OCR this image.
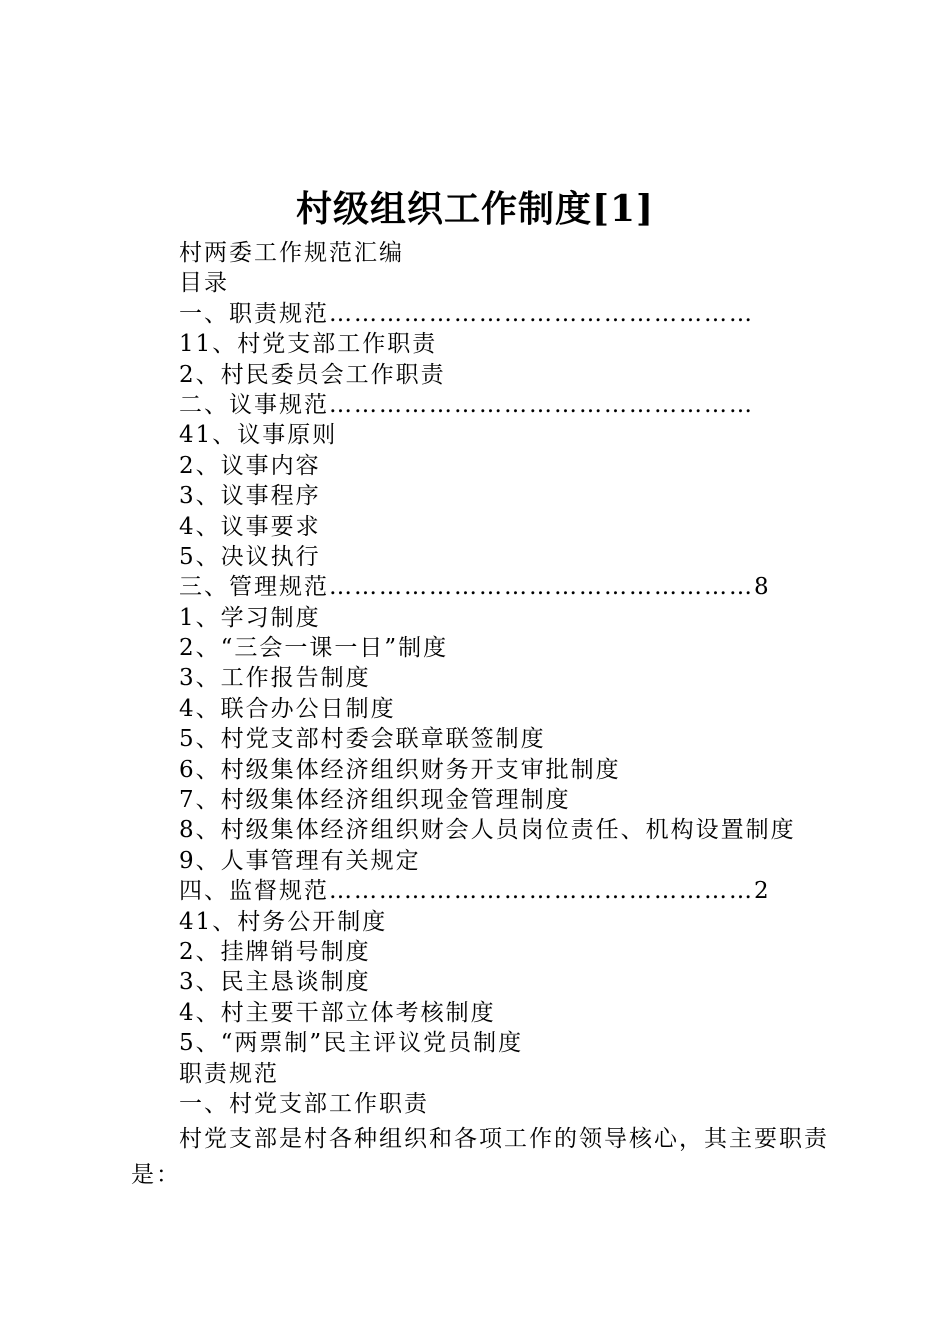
村级组织工作制度[1]
村两委工作规范汇编
目录
一、职责规范……………………………………………
11、村党支部工作职责
2、村民委员会工作职责
二、议事规范……………………………………………
41、议事原则
2、议事内容
3、议事程序
4、议事要求
5、决议执行
三、管理规范……………………………………………8
1、学习制度
2、“三会一课一日”制度
3、工作报告制度
4、联合办公日制度
5、村党支部村委会联章联签制度
6、村级集体经济组织财务开支审批制度
7、村级集体经济组织现金管理制度
8、村级集体经济组织财会人员岗位责任、机构设置制度
9、人事管理有关规定
四、监督规范……………………………………………2
41、村务公开制度
2、挂牌销号制度
3、民主恳谈制度
4、村主要干部立体考核制度
5、“两票制”民主评议党员制度
职责规范
一、村党支部工作职责

村党支部是村各种组织和各项工作的领导核心，其主要职责是：
